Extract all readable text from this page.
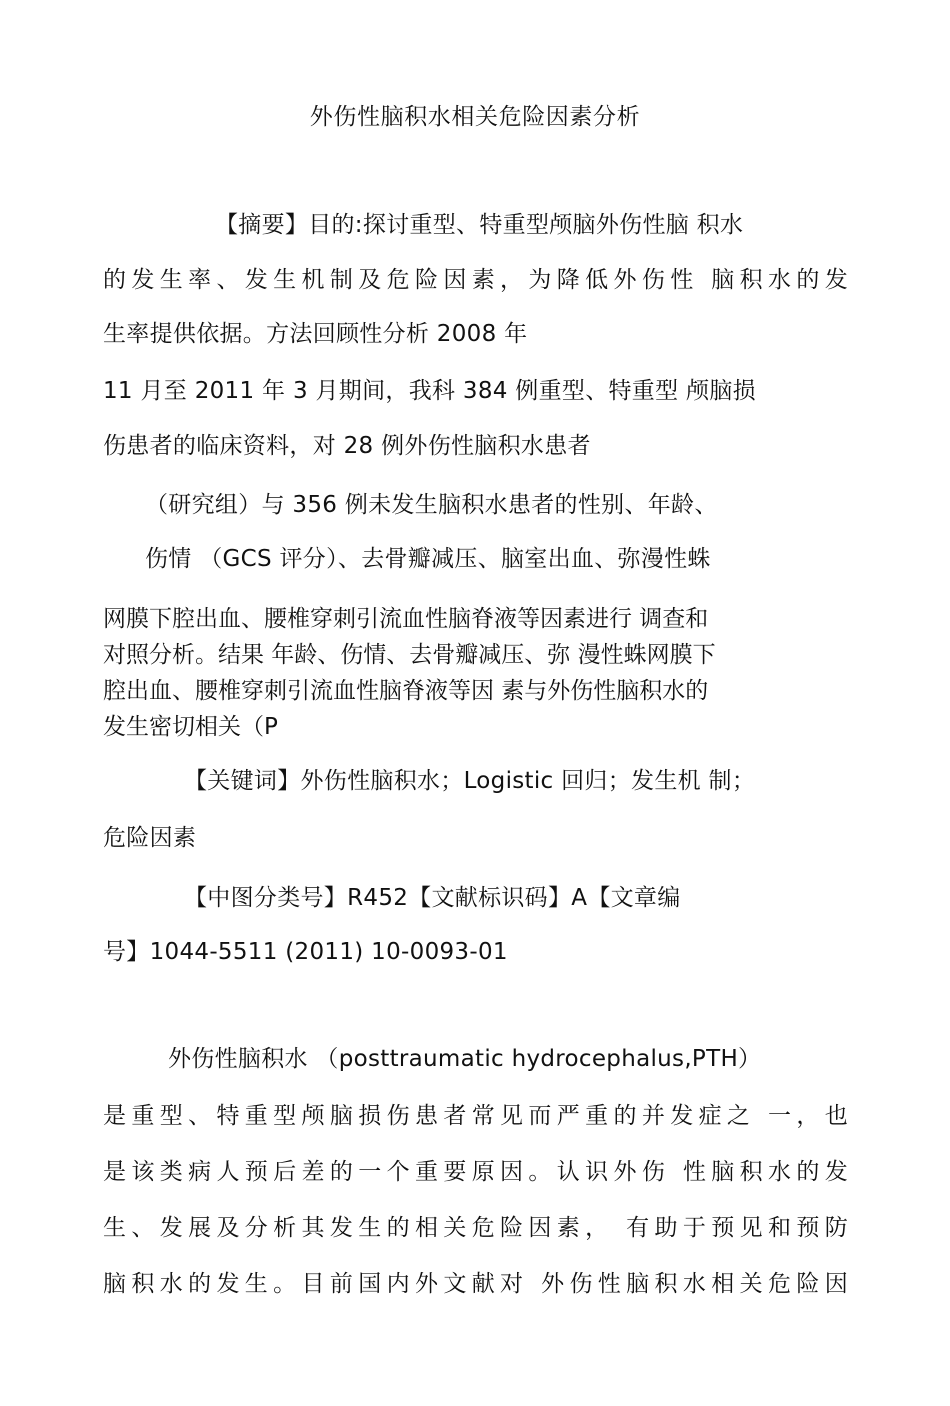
外伤性脑积水相关危险因素分析
【摘要】目的:探讨重型、特重型颅脑外伤性脑 积水
的发生率、发生机制及危险因素，为降低外伤性 脑积水的发
生率提供依据。方法回顾性分析 2008 年
11 月至 2011 年 3 月期间，我科 384 例重型、特重型 颅脑损
伤患者的临床资料，对 28 例外伤性脑积水患者
（研究组）与 356 例未发生脑积水患者的性别、年龄、
伤情 （GCS 评分）、去骨瓣减压、脑室出血、弥漫性蛛
网膜下腔出血、腰椎穿刺引流血性脑脊液等因素进行 调查和
对照分析。结果 年龄、伤情、去骨瓣减压、弥 漫性蛛网膜下
腔出血、腰椎穿刺引流血性脑脊液等因 素与外伤性脑积水的
发生密切相关（P
【关键词】外伤性脑积水；Logistic 回归；发生机 制；
危险因素
【中图分类号】R452【文献标识码】A【文章编
号】1044-5511 (2011) 10-0093-01
外伤性脑积水 （posttraumatic hydrocephalus,PTH）
是重型、特重型颅脑损伤患者常见而严重的并发症之 一，也
是该类病人预后差的一个重要原因。认识外伤 性脑积水的发
生、发展及分析其发生的相关危险因素， 有助于预见和预防
脑积水的发生。目前国内外文献对 外伤性脑积水相关危险因
